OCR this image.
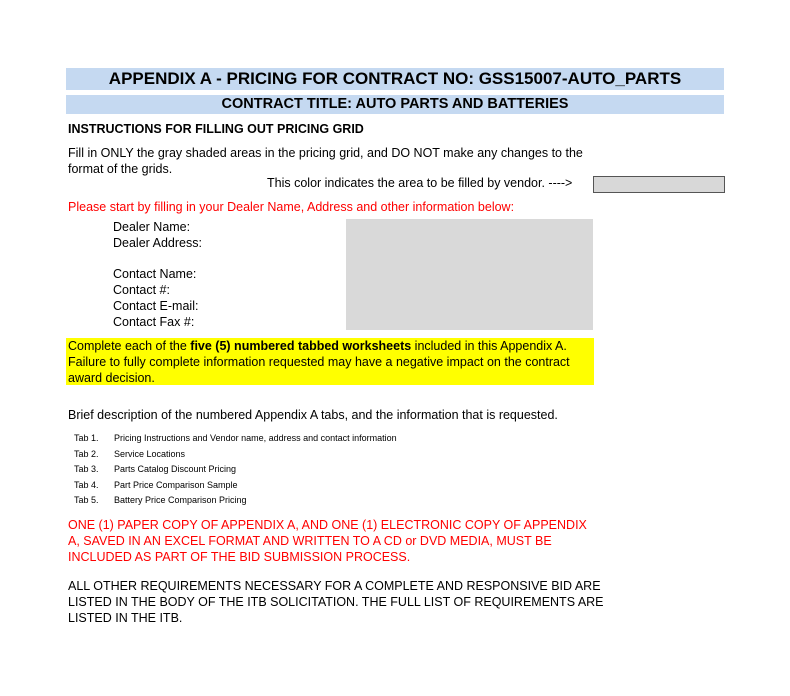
APPENDIX A - PRICING FOR CONTRACT NO: GSS15007-AUTO_PARTS
CONTRACT TITLE: AUTO PARTS AND BATTERIES
INSTRUCTIONS FOR FILLING OUT PRICING GRID
Fill in ONLY the gray shaded areas in the pricing grid, and DO NOT make any changes to the format of the grids.
This color indicates the area to be filled by vendor. ---->
Please start by filling in your Dealer Name, Address and other information below:
Dealer Name:
Dealer Address:
Contact Name:
Contact #:
Contact E-mail:
Contact Fax #:
Complete each of the five (5) numbered tabbed worksheets included in this Appendix A. Failure to fully complete information requested may have a negative impact on the contract award decision.
Brief description of the numbered Appendix A tabs, and the information that is requested.
Tab 1. Pricing Instructions and Vendor name, address and contact information
Tab 2. Service Locations
Tab 3. Parts Catalog Discount Pricing
Tab 4. Part Price Comparison Sample
Tab 5. Battery Price Comparison Pricing
ONE (1) PAPER COPY OF APPENDIX A, AND ONE (1) ELECTRONIC COPY OF APPENDIX A, SAVED IN AN EXCEL FORMAT AND WRITTEN TO A CD or DVD MEDIA, MUST BE INCLUDED AS PART OF THE BID SUBMISSION PROCESS.
ALL OTHER REQUIREMENTS NECESSARY FOR A COMPLETE AND RESPONSIVE BID ARE LISTED IN THE BODY OF THE ITB SOLICITATION. THE FULL LIST OF REQUIREMENTS ARE LISTED IN THE ITB.
